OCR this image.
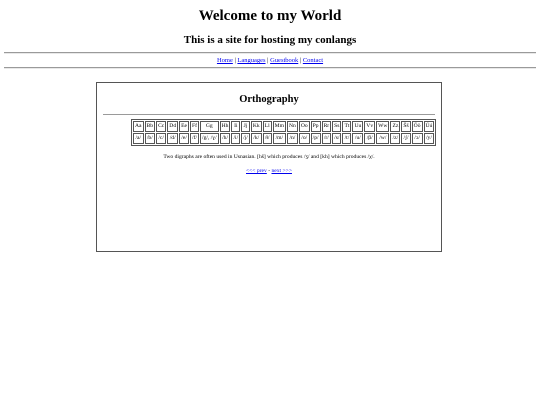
Welcome to my World
This is a site for hosting my conlangs
Home | Languages | Guestbook | Contact
Orthography
Aa	Bb	Cc	Dd	Ee	Ff	Gg	Hh	Ii	Jj	Kk	Ll	Mm	Nn	Oo	Pp	Rr	Ss	Tt	Uu	Vv	Ww	Zz	Šš	Öö	Úú
/a/	/b/	/c/	/d/	/e/	/f/	/g/, /ɣ/	/h/	/i/	/j/	/k/	/ɬ/	/m/	/n/	/o/	/p/	/r/	/s/	/t/	/u/	/β/	/w/	/z/	/ʃ/	/ɔ/	/y/
Two digraphs are often used in Usnasian. [hš] which produces /ʒ/ and [kh] which produces /χ/.
<<< prev - next >>>
